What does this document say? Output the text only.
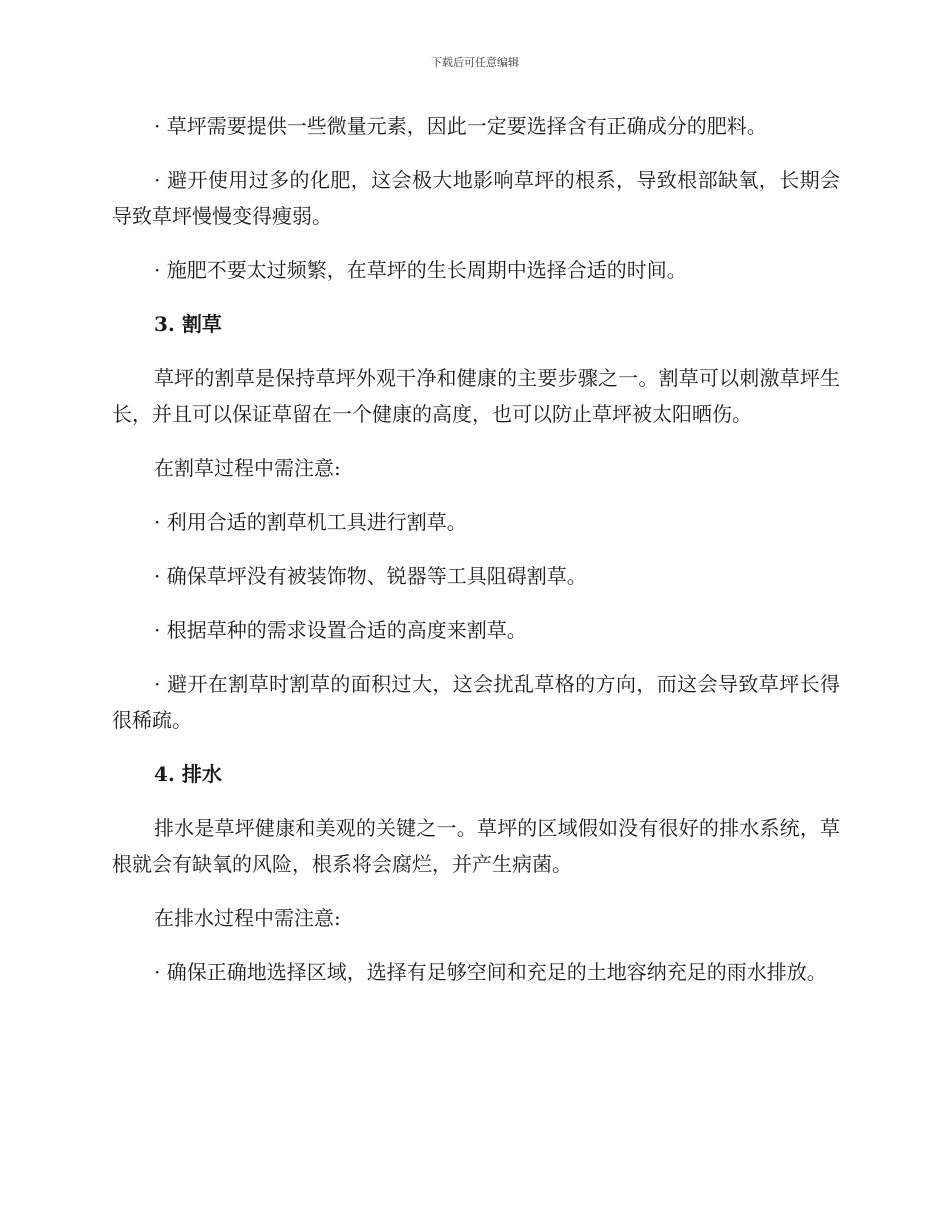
下载后可任意编辑

· 草坪需要提供一些微量元素，因此一定要选择含有正确成分的肥料。

· 避开使用过多的化肥，这会极大地影响草坪的根系，导致根部缺氧，长期会导致草坪慢慢变得瘦弱。

· 施肥不要太过频繁，在草坪的生长周期中选择合适的时间。

3. 割草

草坪的割草是保持草坪外观干净和健康的主要步骤之一。割草可以刺激草坪生长，并且可以保证草留在一个健康的高度，也可以防止草坪被太阳晒伤。

在割草过程中需注意:

· 利用合适的割草机工具进行割草。

· 确保草坪没有被装饰物、锐器等工具阻碍割草。

· 根据草种的需求设置合适的高度来割草。

· 避开在割草时割草的面积过大，这会扰乱草格的方向，而这会导致草坪长得很稀疏。

4. 排水

排水是草坪健康和美观的关键之一。草坪的区域假如没有很好的排水系统，草根就会有缺氧的风险，根系将会腐烂，并产生病菌。

在排水过程中需注意:

· 确保正确地选择区域，选择有足够空间和充足的土地容纳充足的雨水排放。
